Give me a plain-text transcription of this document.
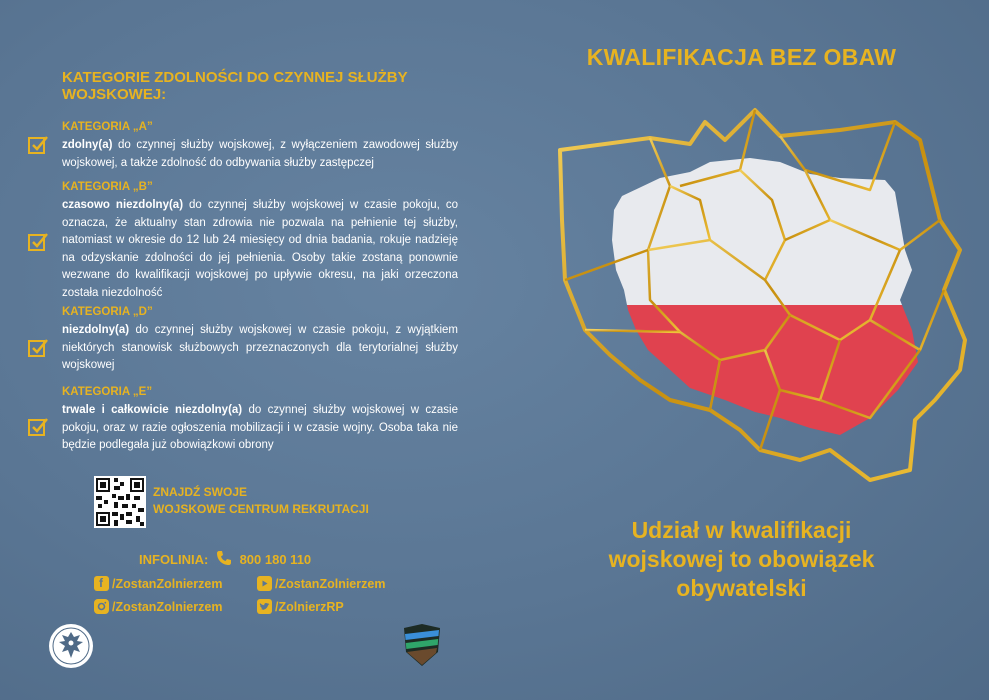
KATEGORIE ZDOLNOŚCI DO CZYNNEJ SŁUŻBY WOJSKOWEJ:
KATEGORIA „A”
zdolny(a) do czynnej służby wojskowej, z wyłączeniem zawodowej służby wojskowej, a także zdolność do odbywania służby zastępczej
KATEGORIA „B”
czasowo niezdolny(a) do czynnej służby wojskowej w czasie pokoju, co oznacza, że aktualny stan zdrowia nie pozwala na pełnienie tej służby, natomiast w okresie do 12 lub 24 miesięcy od dnia badania, rokuje nadzieję na odzyskanie zdolności do jej pełnienia. Osoby takie zostaną ponownie wezwane do kwalifikacji wojskowej po upływie okresu, na jaki orzeczona została niezdolność
KATEGORIA „D”
niezdolny(a) do czynnej służby wojskowej w czasie pokoju, z wyjątkiem niektórych stanowisk służbowych przeznaczonych dla terytorialnej służby wojskowej
KATEGORIA „E”
trwale i całkowicie niezdolny(a) do czynnej służby wojskowej w czasie pokoju, oraz w razie ogłoszenia mobilizacji i w czasie wojny. Osoba taka nie będzie podlegała już obowiązkowi obrony
ZNAJDŹ SWOJE
WOJSKOWE CENTRUM REKRUTACJI
INFOLINIA: 800 180 110
f /ZostanZolnierzem	/ZostanZolnierzem
/ZostanZolnierzem	/ZolnierzRP
KWALIFIKACJA BEZ OBAW
Udział w kwalifikacji
wojskowej to obowiązek
obywatelski
